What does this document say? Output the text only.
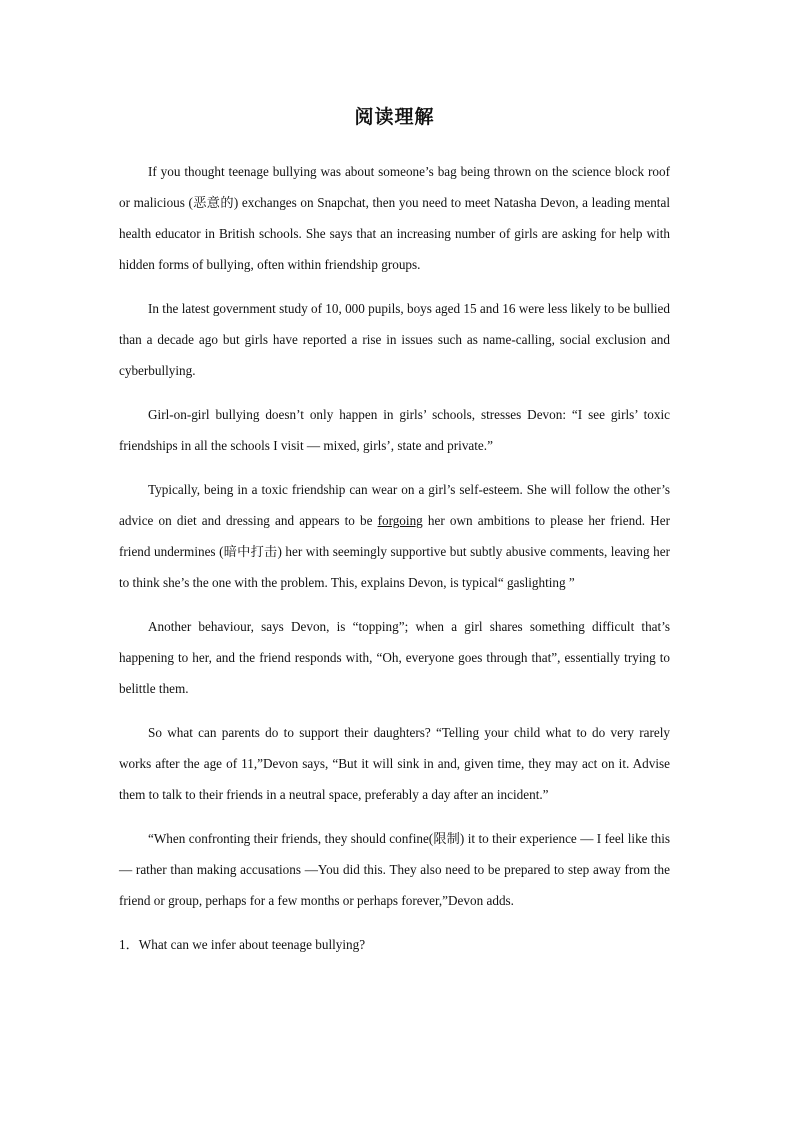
阅读理解

If you thought teenage bullying was about someone’s bag being thrown on the science block roof or malicious (恶意的) exchanges on Snapchat, then you need to meet Natasha Devon, a leading mental health educator in British schools. She says that an increasing number of girls are asking for help with hidden forms of bullying, often within friendship groups.

In the latest government study of 10, 000 pupils, boys aged 15 and 16 were less likely to be bullied than a decade ago but girls have reported a rise in issues such as name-calling, social exclusion and cyberbullying.

Girl-on-girl bullying doesn’t only happen in girls’ schools, stresses Devon: “I see girls’ toxic friendships in all the schools I visit — mixed, girls’, state and private.”

Typically, being in a toxic friendship can wear on a girl’s self-esteem. She will follow the other’s advice on diet and dressing and appears to be forgoing her own ambitions to please her friend. Her friend undermines (暗中打击) her with seemingly supportive but subtly abusive comments, leaving her to think she’s the one with the problem. This, explains Devon, is typical“ gaslighting ”

Another behaviour, says Devon, is “topping”; when a girl shares something difficult that’s happening to her, and the friend responds with, “Oh, everyone goes through that”, essentially trying to belittle them.

So what can parents do to support their daughters? “Telling your child what to do very rarely works after the age of 11,”Devon says, “But it will sink in and, given time, they may act on it. Advise them to talk to their friends in a neutral space, preferably a day after an incident.”

“When confronting their friends, they should confine(限制) it to their experience — I feel like this — rather than making accusations —You did this. They also need to be prepared to step away from the friend or group, perhaps for a few months or perhaps forever,”Devon adds.

1．What can we infer about teenage bullying?
